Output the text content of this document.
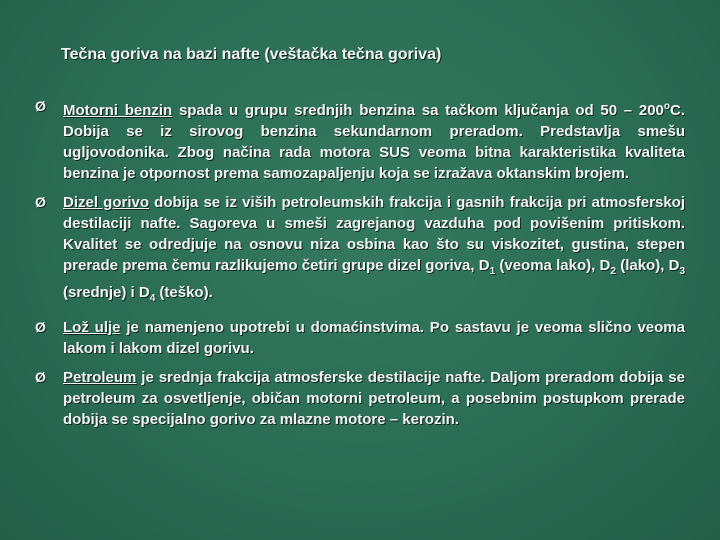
Tečna goriva na bazi nafte (veštačka tečna goriva)
Ø	Motorni benzin spada u grupu srednjih benzina sa tačkom ključanja od 50 – 200$^o$C. Dobija se iz sirovog benzina sekundarnom preradom. Predstavlja smešu ugljovodonika. Zbog načina rada motora SUS veoma bitna karakteristika kvaliteta benzina je otpornost prema samozapaljenju koja se izražava oktanskim brojem.
Ø	Dizel gorivo dobija se iz viših petroleumskih frakcija i gasnih frakcija pri atmosferskoj destilaciji nafte. Sagoreva u smeši zagrejanog vazduha pod povišenim pritiskom. Kvalitet se odredjuje na osnovu niza osbina kao što su viskozitet, gustina, stepen prerade prema čemu razlikujemo četiri grupe dizel goriva, $D_1$ (veoma lako), $D_2$ (lako), $D_3$ (srednje) i $D_4$ (teško).
Ø	Lož ulje je namenjeno upotrebi u domaćinstvima. Po sastavu je veoma slično veoma lakom i lakom dizel gorivu.
Ø	Petroleum je srednja frakcija atmosferske destilacije nafte. Daljom preradom dobija se petroleum za osvetljenje, običan motorni petroleum, a posebnim postupkom prerade dobija se specijalno gorivo za mlazne motore – kerozin.
